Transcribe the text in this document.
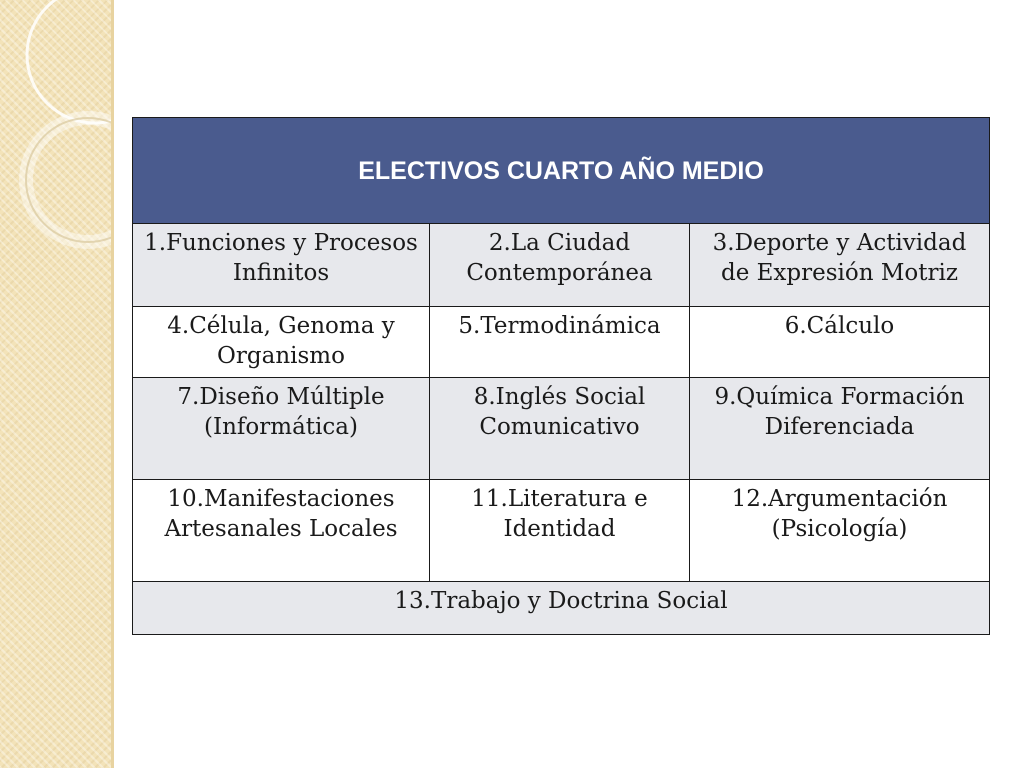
ELECTIVOS CUARTO AÑO MEDIO		

1.Funciones y Procesos Infinitos	2.La Ciudad Contemporánea	3.Deporte y Actividad de Expresión Motriz

4.Célula, Genoma y Organismo	5.Termodinámica	6.Cálculo

7.Diseño Múltiple (Informática)	8.Inglés Social Comunicativo	9.Química Formación Diferenciada

10.Manifestaciones Artesanales Locales	11.Literatura e Identidad	12.Argumentación (Psicología)

13.Trabajo y Doctrina Social		
